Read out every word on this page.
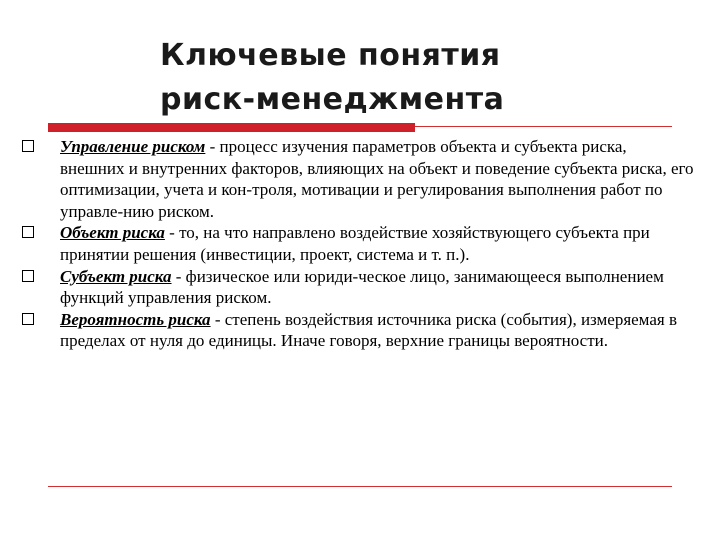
Ключевые понятия
риск-менеджмента
Управление риском - процесс изучения параметров объекта и субъекта риска, внешних и внутренних факторов, влияющих на объект и поведение субъекта риска, его оптимизации, учета и кон-троля, мотивации и регулирования выполнения работ по управле-нию риском.
Объект риска - то, на что направлено воздействие хозяйствующего субъекта при принятии решения (инвестиции, проект, система и т. п.).
Субъект риска - физическое или юриди-ческое лицо, занимающееся выполнением функций управления риском.
Вероятность риска - степень воздействия источника риска (события), измеряемая в пределах от нуля до единицы. Иначе говоря, верхние границы вероятности.
